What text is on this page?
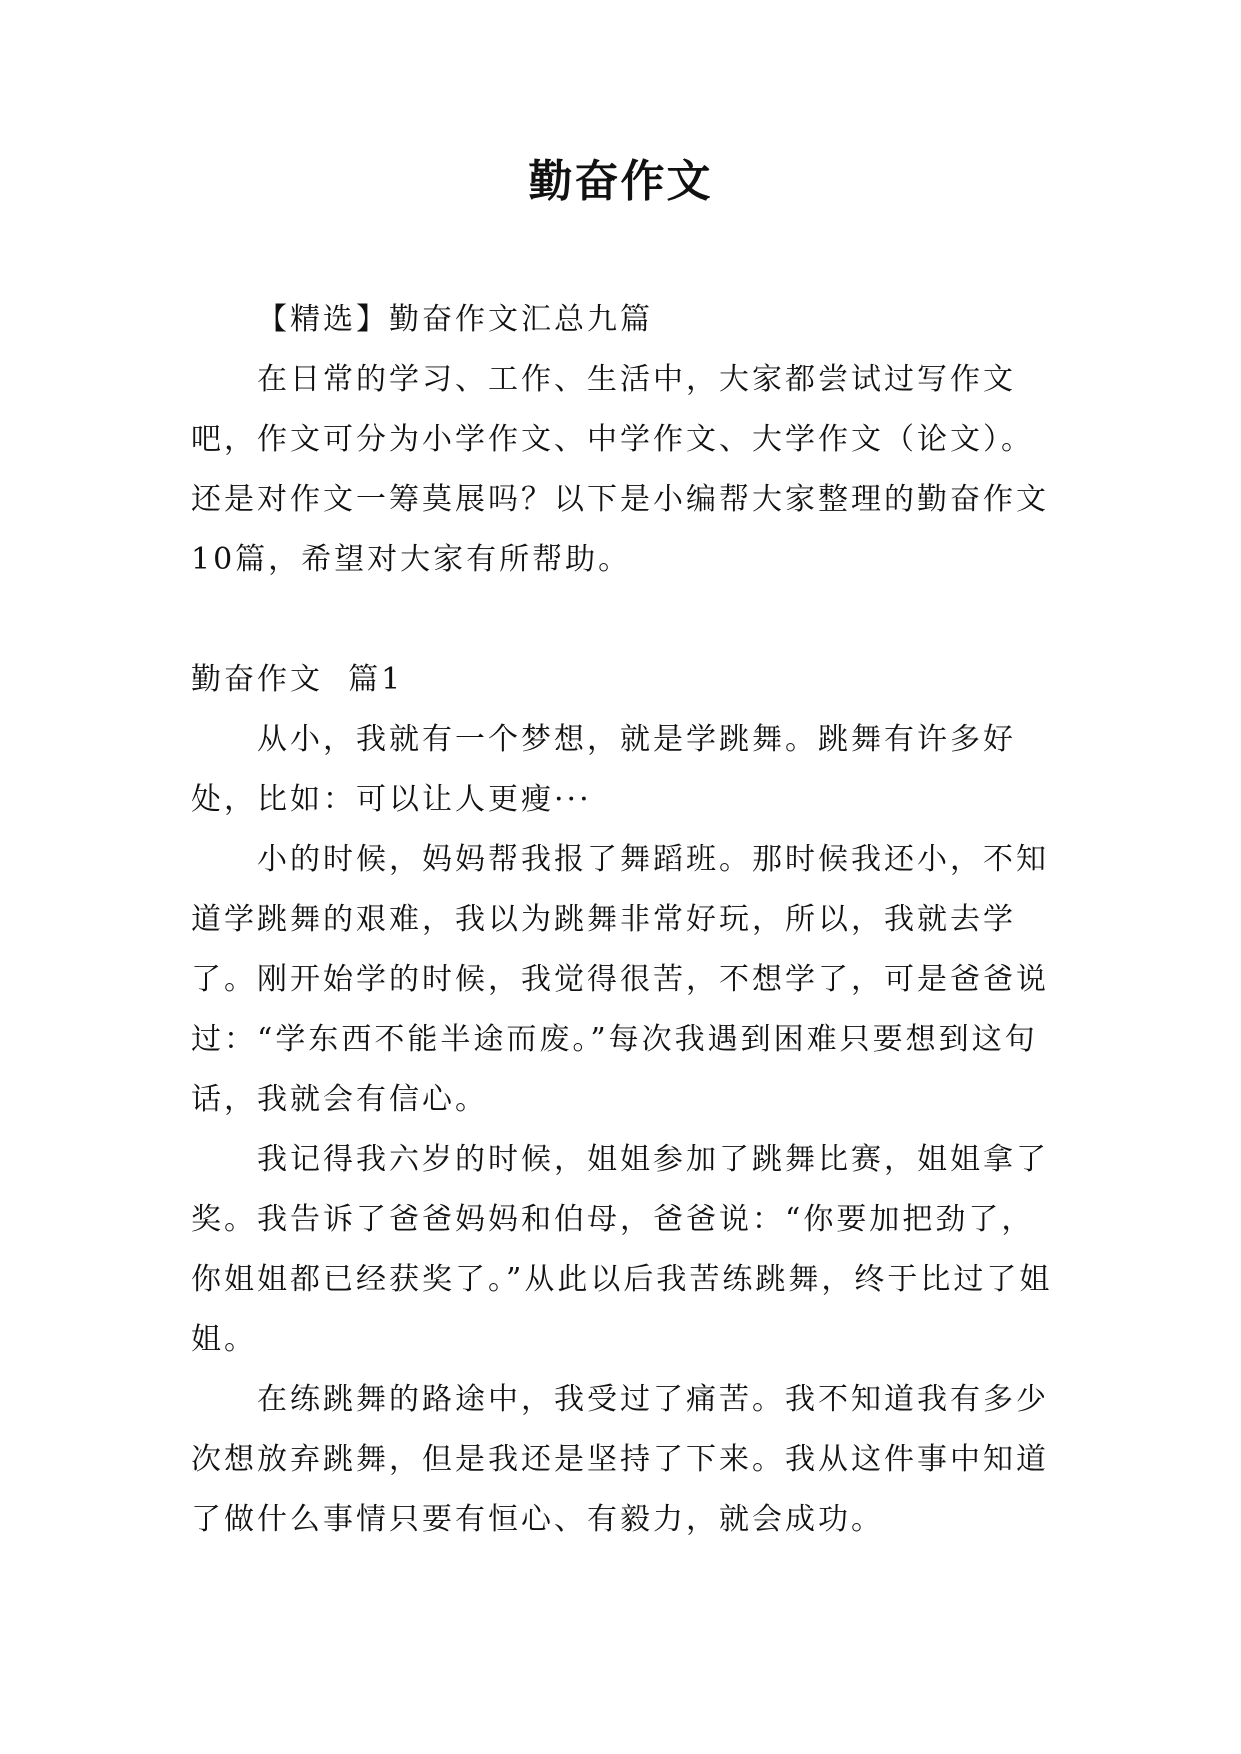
勤奋作文

【精选】勤奋作文汇总九篇

在日常的学习、工作、生活中，大家都尝试过写作文吧，作文可分为小学作文、中学作文、大学作文（论文）。还是对作文一筹莫展吗？以下是小编帮大家整理的勤奋作文10篇，希望对大家有所帮助。

勤奋作文  篇1

从小，我就有一个梦想，就是学跳舞。跳舞有许多好处，比如：可以让人更瘦···

小的时候，妈妈帮我报了舞蹈班。那时候我还小，不知道学跳舞的艰难，我以为跳舞非常好玩，所以，我就去学了。刚开始学的时候，我觉得很苦，不想学了，可是爸爸说过：“学东西不能半途而废。”每次我遇到困难只要想到这句话，我就会有信心。

我记得我六岁的时候，姐姐参加了跳舞比赛，姐姐拿了奖。我告诉了爸爸妈妈和伯母，爸爸说：“你要加把劲了，你姐姐都已经获奖了。”从此以后我苦练跳舞，终于比过了姐姐。

在练跳舞的路途中，我受过了痛苦。我不知道我有多少次想放弃跳舞，但是我还是坚持了下来。我从这件事中知道了做什么事情只要有恒心、有毅力，就会成功。
